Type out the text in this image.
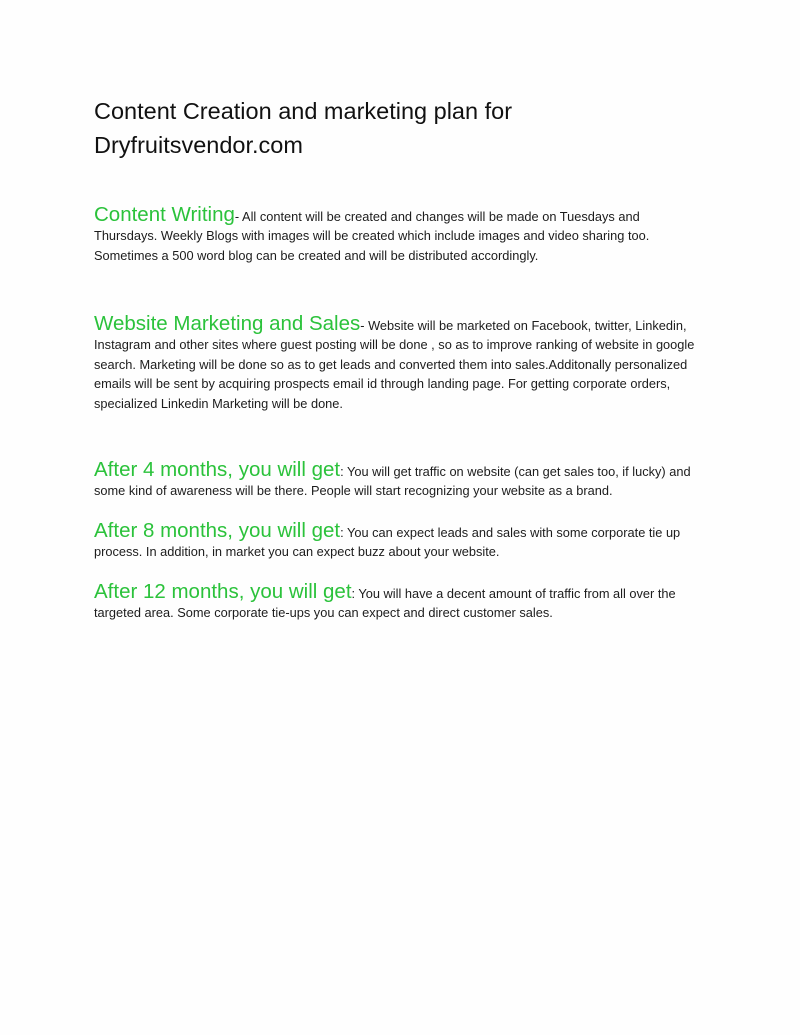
Content Creation and marketing plan for Dryfruitsvendor.com
Content Writing- All content will be created and changes will be made on Tuesdays and Thursdays. Weekly Blogs with images will be created which include images and video sharing too. Sometimes a 500 word blog can be created and will be distributed accordingly.
Website Marketing and Sales- Website will be marketed on Facebook, twitter, Linkedin, Instagram and other sites where guest posting will be done , so as to improve ranking of website in google search. Marketing will be done so as to get leads and converted them into sales.Additonally personalized emails will be sent by acquiring prospects email id through landing page. For getting corporate orders, specialized Linkedin Marketing will be done.
After 4 months, you will get: You will get traffic on website (can get sales too, if lucky) and some kind of awareness will be there. People will start recognizing your website as a brand.
After 8 months, you will get: You can expect leads and sales with some corporate tie up process. In addition, in market you can expect buzz about your website.
After 12 months, you will get: You will have a decent amount of traffic from all over the targeted area. Some corporate tie-ups you can expect and direct customer sales.
